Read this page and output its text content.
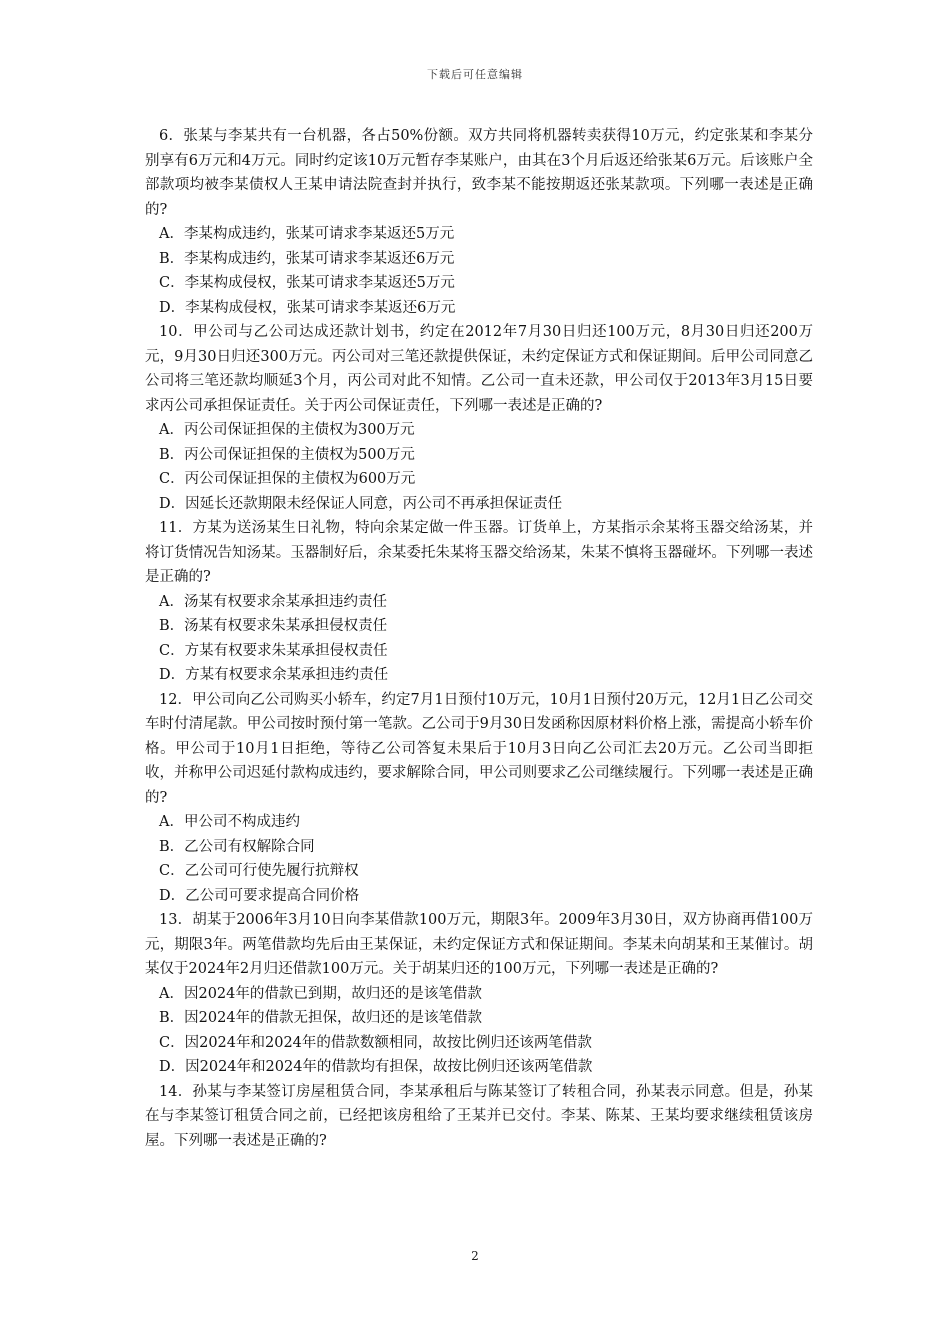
下载后可任意编辑

6．张某与李某共有一台机器，各占50%份额。双方共同将机器转卖获得10万元，约定张某和李某分别享有6万元和4万元。同时约定该10万元暂存李某账户，由其在3个月后返还给张某6万元。后该账户全部款项均被李某债权人王某申请法院查封并执行，致李某不能按期返还张某款项。下列哪一表述是正确的?

A．李某构成违约，张某可请求李某返还5万元

B．李某构成违约，张某可请求李某返还6万元

C．李某构成侵权，张某可请求李某返还5万元

D．李某构成侵权，张某可请求李某返还6万元

10．甲公司与乙公司达成还款计划书，约定在2012年7月30日归还100万元，8月30日归还200万元，9月30日归还300万元。丙公司对三笔还款提供保证，未约定保证方式和保证期间。后甲公司同意乙公司将三笔还款均顺延3个月，丙公司对此不知情。乙公司一直未还款，甲公司仅于2013年3月15日要求丙公司承担保证责任。关于丙公司保证责任，下列哪一表述是正确的?

A．丙公司保证担保的主债权为300万元

B．丙公司保证担保的主债权为500万元

C．丙公司保证担保的主债权为600万元

D．因延长还款期限未经保证人同意，丙公司不再承担保证责任

11．方某为送汤某生日礼物，特向余某定做一件玉器。订货单上，方某指示余某将玉器交给汤某，并将订货情况告知汤某。玉器制好后，余某委托朱某将玉器交给汤某，朱某不慎将玉器碰坏。下列哪一表述是正确的?

A．汤某有权要求余某承担违约责任

B．汤某有权要求朱某承担侵权责任

C．方某有权要求朱某承担侵权责任

D．方某有权要求余某承担违约责任

12．甲公司向乙公司购买小轿车，约定7月1日预付10万元，10月1日预付20万元，12月1日乙公司交车时付清尾款。甲公司按时预付第一笔款。乙公司于9月30日发函称因原材料价格上涨，需提高小轿车价格。甲公司于10月1日拒绝，等待乙公司答复未果后于10月3日向乙公司汇去20万元。乙公司当即拒收，并称甲公司迟延付款构成违约，要求解除合同，甲公司则要求乙公司继续履行。下列哪一表述是正确的?

A．甲公司不构成违约

B．乙公司有权解除合同

C．乙公司可行使先履行抗辩权

D．乙公司可要求提高合同价格

13．胡某于2006年3月10日向李某借款100万元，期限3年。2009年3月30日，双方协商再借100万元，期限3年。两笔借款均先后由王某保证，未约定保证方式和保证期间。李某未向胡某和王某催讨。胡某仅于2024年2月归还借款100万元。关于胡某归还的100万元，下列哪一表述是正确的?

A．因2024年的借款已到期，故归还的是该笔借款

B．因2024年的借款无担保，故归还的是该笔借款

C．因2024年和2024年的借款数额相同，故按比例归还该两笔借款

D．因2024年和2024年的借款均有担保，故按比例归还该两笔借款

14．孙某与李某签订房屋租赁合同，李某承租后与陈某签订了转租合同，孙某表示同意。但是，孙某在与李某签订租赁合同之前，已经把该房租给了王某并已交付。李某、陈某、王某均要求继续租赁该房屋。下列哪一表述是正确的?

2
